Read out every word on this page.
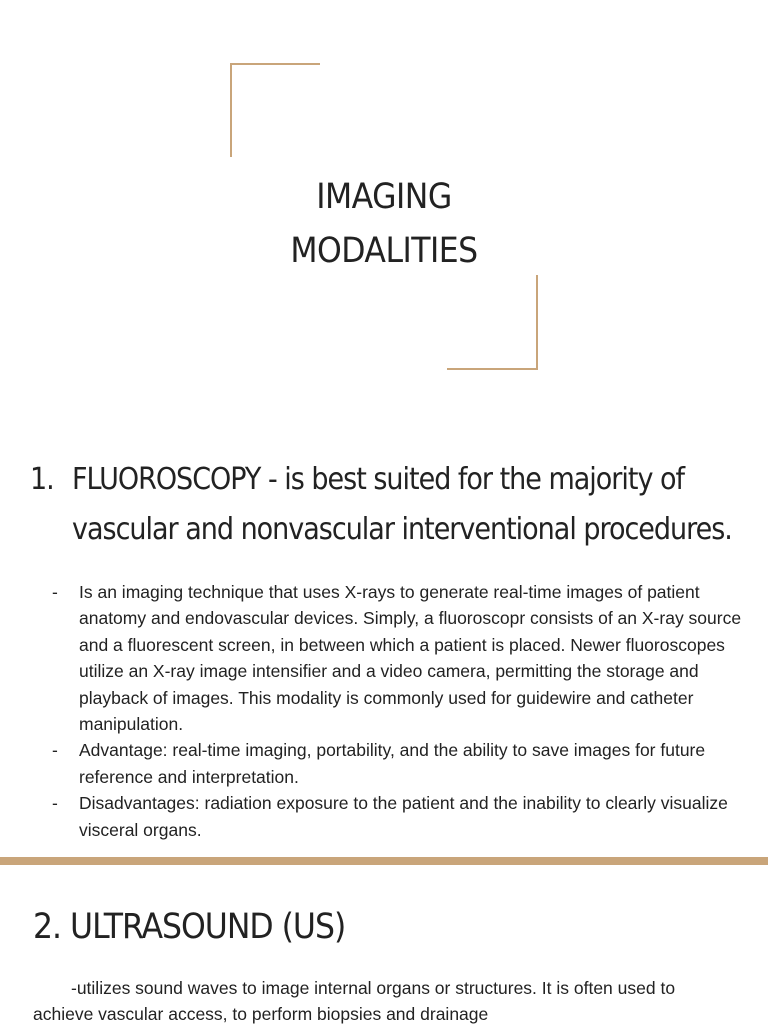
IMAGING
MODALITIES
1. FLUOROSCOPY - is best suited for the majority of vascular and nonvascular interventional procedures.
-	Is an imaging technique that uses X-rays to generate real-time images of patient anatomy and endovascular devices. Simply, a fluoroscopr consists of an X-ray source and a fluorescent screen, in between which a patient is placed. Newer fluoroscopes utilize an X-ray image intensifier and a video camera, permitting the storage and playback of images. This modality is commonly used for guidewire and catheter manipulation.
-	Advantage: real-time imaging, portability, and the ability to save images for future reference and interpretation.
-	Disadvantages: radiation exposure to the patient and the inability to clearly visualize visceral organs.
2. ULTRASOUND (US)

-utilizes sound waves to image internal organs or structures. It is often used to achieve vascular access, to perform biopsies and drainage
